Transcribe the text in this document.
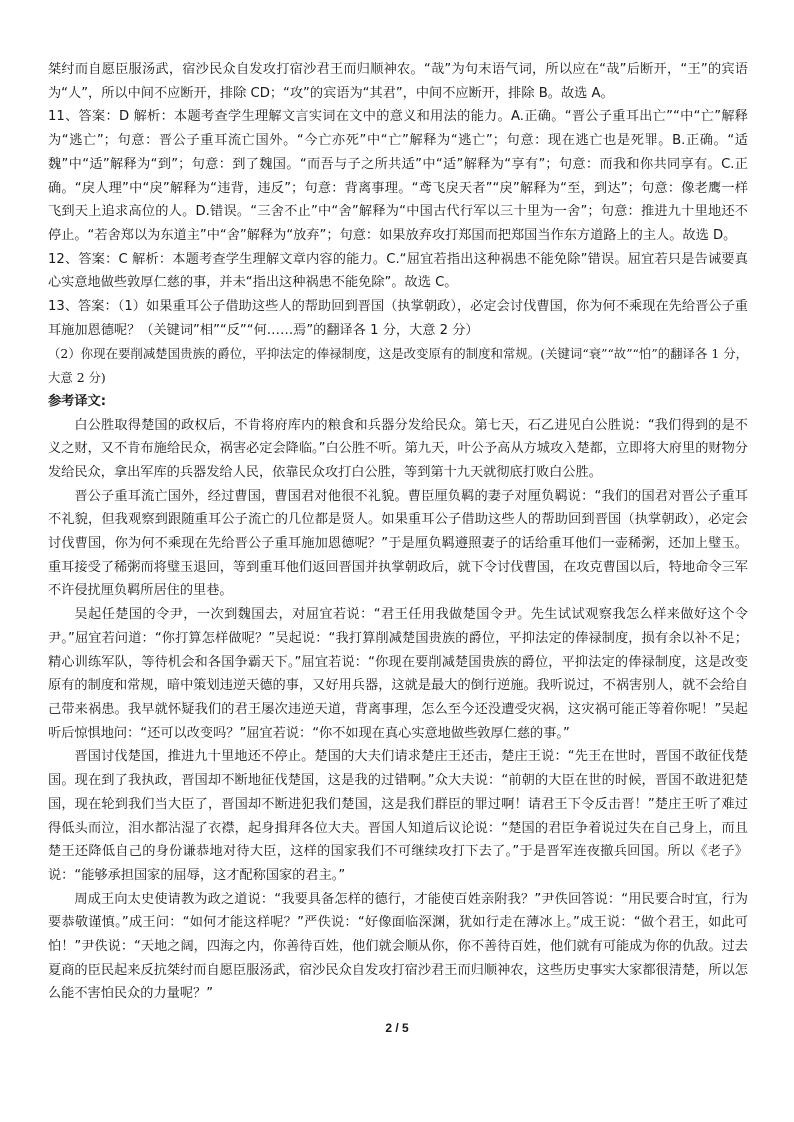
桀纣而自愿臣服汤武，宿沙民众自发攻打宿沙君王而归顺神农。“哉”为句末语气词，所以应在“哉”后断开，“王”的宾语为“人”，所以中间不应断开，排除 CD；“攻”的宾语为“其君”，中间不应断开，排除 B。故选 A。

11、答案：D 解析：本题考查学生理解文言实词在文中的意义和用法的能力。A.正确。“晋公子重耳出亡”“中“亡”解释为“逃亡”；句意：晋公子重耳流亡国外。“今亡亦死”中“亡”解释为“逃亡”；句意：现在逃亡也是死罪。B.正确。“适魏”中“适”解释为“到”；句意：到了魏国。“而吾与子之所共适”中“适”解释为“享有”；句意：而我和你共同享有。C.正确。“戾人理”中“戾”解释为“违背，违反”；句意：背离事理。“鸢飞戾天者”“戾”解释为“至，到达”；句意：像老鹰一样飞到天上追求高位的人。D.错误。“三舍不止”中“舍”解释为“中国古代行军以三十里为一舍”；句意：推进九十里地还不停止。“若舍郑以为东道主”中“舍”解释为“放弃”；句意：如果放弃攻打郑国而把郑国当作东方道路上的主人。故选 D。

12、答案：C 解析：本题考查学生理解文章内容的能力。C.“屈宜若指出这种祸患不能免除”错误。屈宜若只是告诫要真心实意地做些敦厚仁慈的事，并未“指出这种祸患不能免除”。故选 C。

13、答案：（1）如果重耳公子借助这些人的帮助回到晋国（执掌朝政），必定会讨伐曹国，你为何不乘现在先给晋公子重耳施加恩德呢？（关键词”相”“反”“何……焉”的翻译各 1 分，大意 2 分）

（2）你现在要削减楚国贵族的爵位，平抑法定的俸禄制度，这是改变原有的制度和常规。(关键词“衰”“故”“怕”的翻译各 1 分，大意 2 分)

参考译文:

白公胜取得楚国的政权后，不肯将府库内的粮食和兵器分发给民众。第七天，石乙进见白公胜说：“我们得到的是不义之财，又不肯布施给民众，祸害必定会降临。”白公胜不听。第九天，叶公予高从方城攻入楚都，立即将大府里的财物分发给民众，拿出军库的兵器发给人民，依靠民众攻打白公胜，等到第十九天就彻底打败白公胜。

晋公子重耳流亡国外，经过曹国，曹国君对他很不礼貌。曹臣厘负羁的妻子对厘负羁说：“我们的国君对晋公子重耳不礼貌，但我观察到跟随重耳公子流亡的几位都是贤人。如果重耳公子借助这些人的帮助回到晋国（执掌朝政），必定会讨伐曹国，你为何不乘现在先给晋公子重耳施加恩德呢？”于是厘负羁遵照妻子的话给重耳他们一壶稀粥，还加上璧玉。重耳接受了稀粥而将璧玉退回，等到重耳他们返回晋国并执掌朝政后，就下令讨伐曹国，在攻克曹国以后，特地命令三军不许侵扰厘负羁所居住的里巷。

吴起任楚国的令尹，一次到魏国去，对屈宜若说：“君王任用我做楚国令尹。先生试试观察我怎么样来做好这个令尹。”屈宜若问道：“你打算怎样做呢？”吴起说：“我打算削减楚国贵族的爵位，平抑法定的俸禄制度，损有余以补不足；精心训练军队，等待机会和各国争霸天下。”屈宜若说：“你现在要削减楚国贵族的爵位，平抑法定的俸禄制度，这是改变原有的制度和常规，暗中策划违逆天德的事，又好用兵器，这就是最大的倒行逆施。我听说过，不祸害别人，就不会给自己带来祸患。我早就怀疑我们的君王屡次违逆天道，背离事理，怎么至今还没遭受灾祸，这灾祸可能正等着你呢！”吴起听后惊惧地问：“还可以改变吗？”屈宜若说：“你不如现在真心实意地做些敦厚仁慈的事。”

晋国讨伐楚国，推进九十里地还不停止。楚国的大夫们请求楚庄王还击，楚庄王说：“先王在世时，晋国不敢征伐楚国。现在到了我执政，晋国却不断地征伐楚国，这是我的过错啊。”众大夫说：“前朝的大臣在世的时候，晋国不敢进犯楚国，现在轮到我们当大臣了，晋国却不断进犯我们楚国，这是我们群臣的罪过啊！请君王下令反击晋！”楚庄王听了难过得低头而泣，泪水都沾湿了衣襟，起身揖拜各位大夫。晋国人知道后议论说：“楚国的君臣争着说过失在自己身上，而且楚王还降低自己的身份谦恭地对待大臣，这样的国家我们不可继续攻打下去了。”于是晋军连夜撤兵回国。所以《老子》说：“能够承担国家的屈辱，这才配称国家的君主。”

周成王向太史使请教为政之道说：“我要具备怎样的德行，才能使百姓亲附我？”尹佚回答说：“用民要合时宜，行为要恭敬谨慎。”成王问：“如何才能这样呢？”严佚说：“好像面临深渊，犹如行走在薄冰上。”成王说：“做个君王，如此可怕！”尹佚说：“天地之阔，四海之内，你善待百姓，他们就会顺从你，你不善待百姓，他们就有可能成为你的仇敌。过去夏商的臣民起来反抗桀纣而自愿臣服汤武，宿沙民众自发攻打宿沙君王而归顺神农，这些历史事实大家都很清楚，所以怎么能不害怕民众的力量呢？”

2 / 5
